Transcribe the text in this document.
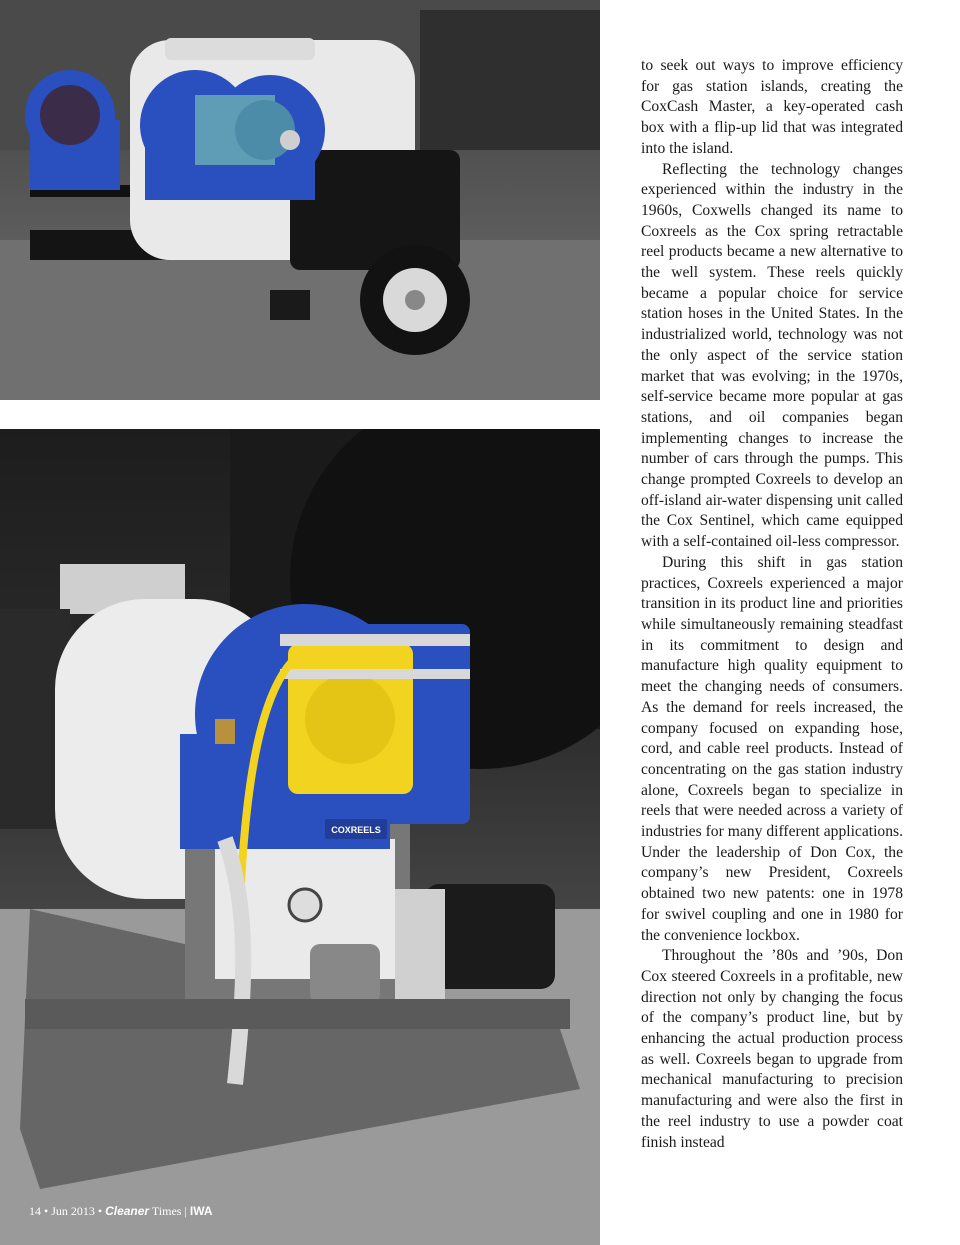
COXREELS

to seek out ways to improve efficiency for gas station islands, creating the CoxCash Master, a key-operated cash box with a flip-up lid that was integrated into the island.

Reflecting the technology changes experienced within the industry in the 1960s, Coxwells changed its name to Coxreels as the Cox spring retractable reel products became a new alternative to the well system. These reels quickly became a popular choice for service station hoses in the United States. In the industrialized world, technology was not the only aspect of the service station market that was evolving; in the 1970s, self-service became more popular at gas stations, and oil companies began implementing changes to increase the number of cars through the pumps. This change prompted Coxreels to develop an off-island air-water dispensing unit called the Cox Sentinel, which came equipped with a self-contained oil-less compressor.

During this shift in gas station practices, Coxreels experienced a major transition in its product line and priorities while simultaneously remaining steadfast in its commitment to design and manufacture high quality equipment to meet the changing needs of consumers. As the demand for reels increased, the company focused on expanding hose, cord, and cable reel products. Instead of concentrating on the gas station industry alone, Coxreels began to specialize in reels that were needed across a variety of industries for many different applications. Under the leadership of Don Cox, the company’s new President, Coxreels obtained two new patents: one in 1978 for swivel coupling and one in 1980 for the convenience lockbox.

Throughout the ’80s and ’90s, Don Cox steered Coxreels in a profitable, new direction not only by changing the focus of the company’s product line, but by enhancing the actual production process as well. Coxreels began to upgrade from mechanical manufacturing to precision manufacturing and were also the first in the reel industry to use a powder coat finish instead

14 • Jun 2013 • Cleaner Times | IWA
